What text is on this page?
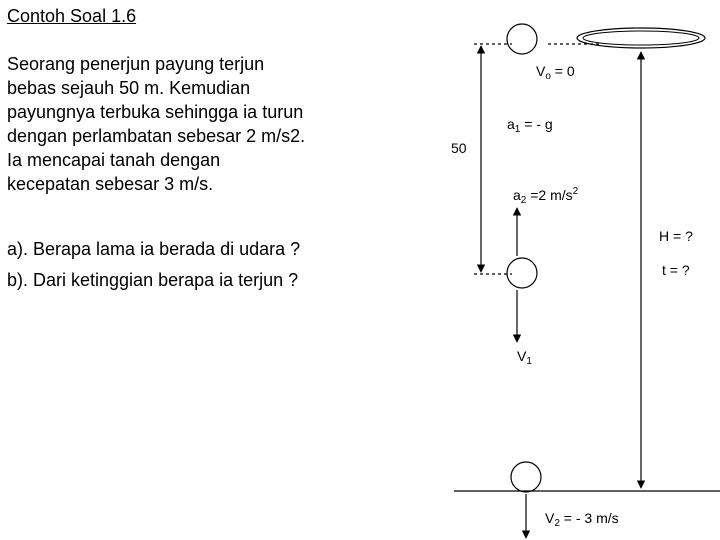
Contoh Soal 1.6
Seorang penerjun payung terjun
bebas sejauh 50 m. Kemudian
payungnya terbuka sehingga ia turun
dengan perlambatan sebesar 2 m/s2.
Ia mencapai tanah dengan
kecepatan sebesar 3 m/s.
a). Berapa lama ia berada di udara ?
b). Dari ketinggian berapa ia terjun ?
50
$V_o = 0$
$a_1$ = - g
$a_2 =2$ $m/s^2$
H = ?
t = ?
$V_1$
$V_2$ = - 3 m/s
